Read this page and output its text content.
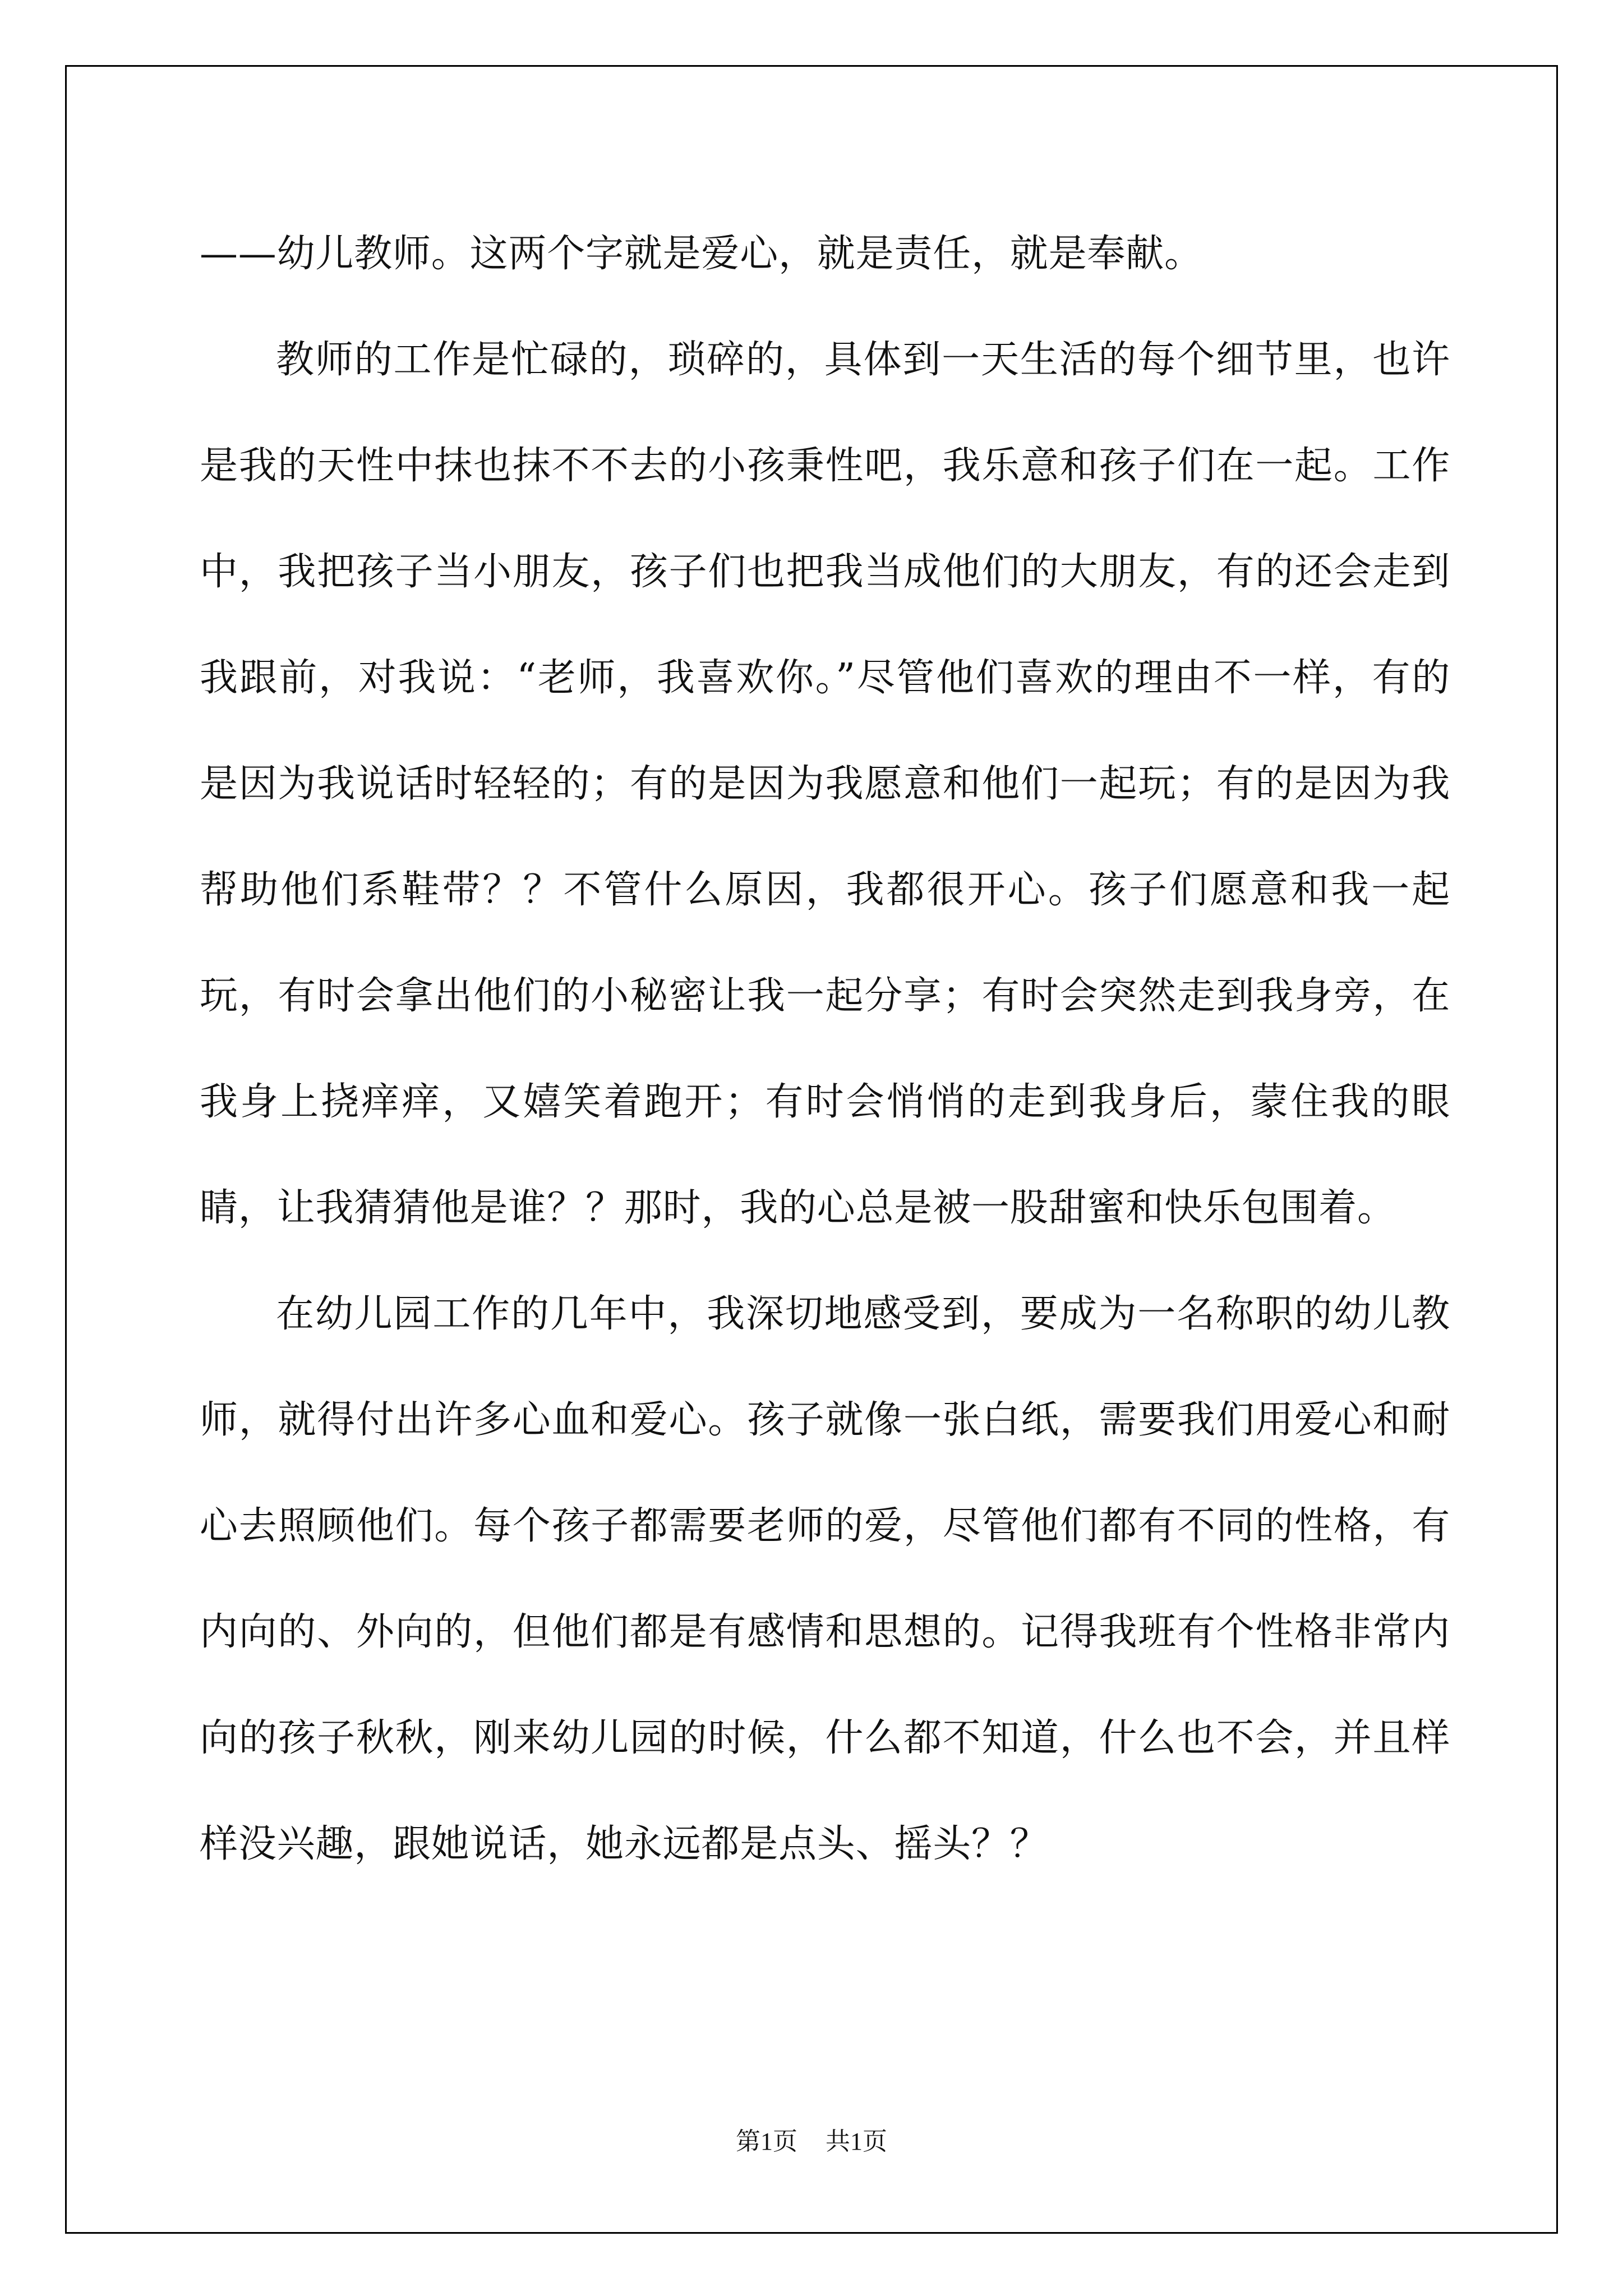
——幼儿教师。这两个字就是爱心，就是责任，就是奉献。

教师的工作是忙碌的，琐碎的，具体到一天生活的每个细节里，也许是我的天性中抹也抹不不去的小孩秉性吧，我乐意和孩子们在一起。工作中，我把孩子当小朋友，孩子们也把我当成他们的大朋友，有的还会走到我跟前，对我说：“老师，我喜欢你。”尽管他们喜欢的理由不一样，有的是因为我说话时轻轻的；有的是因为我愿意和他们一起玩；有的是因为我帮助他们系鞋带？？不管什么原因，我都很开心。孩子们愿意和我一起玩，有时会拿出他们的小秘密让我一起分享；有时会突然走到我身旁，在我身上挠痒痒，又嬉笑着跑开；有时会悄悄的走到我身后，蒙住我的眼睛，让我猜猜他是谁？？那时，我的心总是被一股甜蜜和快乐包围着。

在幼儿园工作的几年中，我深切地感受到，要成为一名称职的幼儿教师，就得付出许多心血和爱心。孩子就像一张白纸，需要我们用爱心和耐心去照顾他们。每个孩子都需要老师的爱，尽管他们都有不同的性格，有内向的、外向的，但他们都是有感情和思想的。记得我班有个性格非常内向的孩子秋秋，刚来幼儿园的时候，什么都不知道，什么也不会，并且样样没兴趣，跟她说话，她永远都是点头、摇头？？

第1页 共1页
